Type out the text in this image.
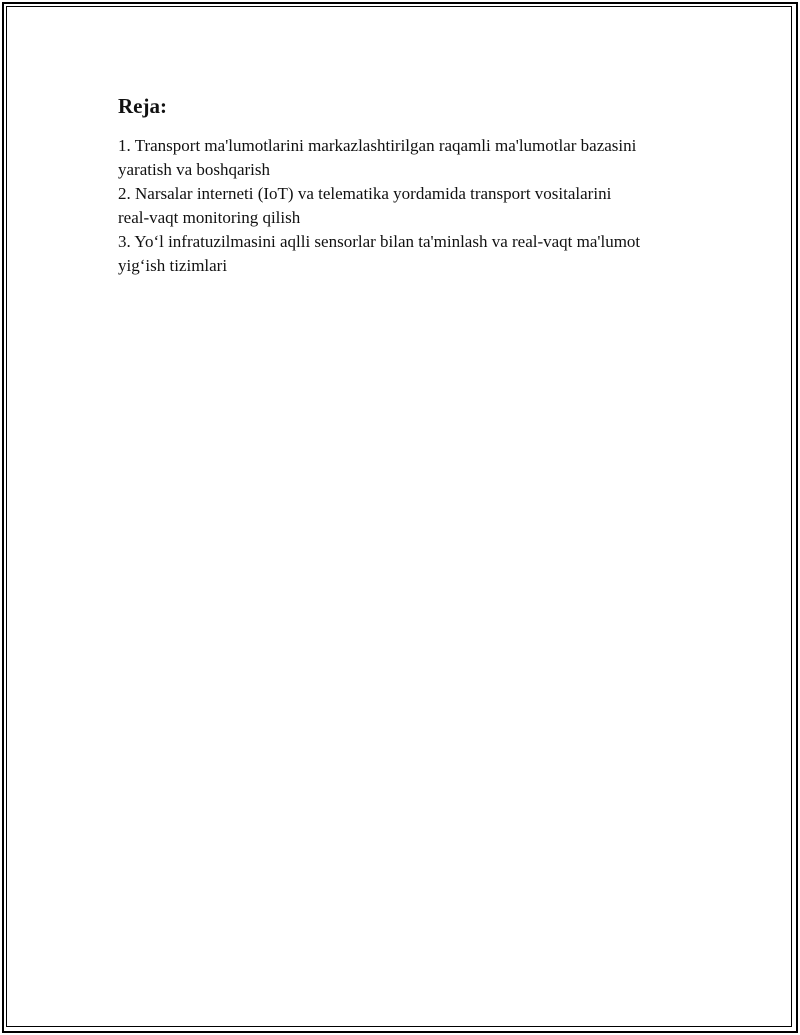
Reja:
1. Transport ma'lumotlarini markazlashtirilgan raqamli ma'lumotlar bazasini
yaratish va boshqarish
2. Narsalar interneti (IoT) va telematika yordamida transport vositalarini
real-vaqt monitoring qilish
3. Yo‘l infratuzilmasini aqlli sensorlar bilan ta'minlash va real-vaqt ma'lumot
yig‘ish tizimlari
